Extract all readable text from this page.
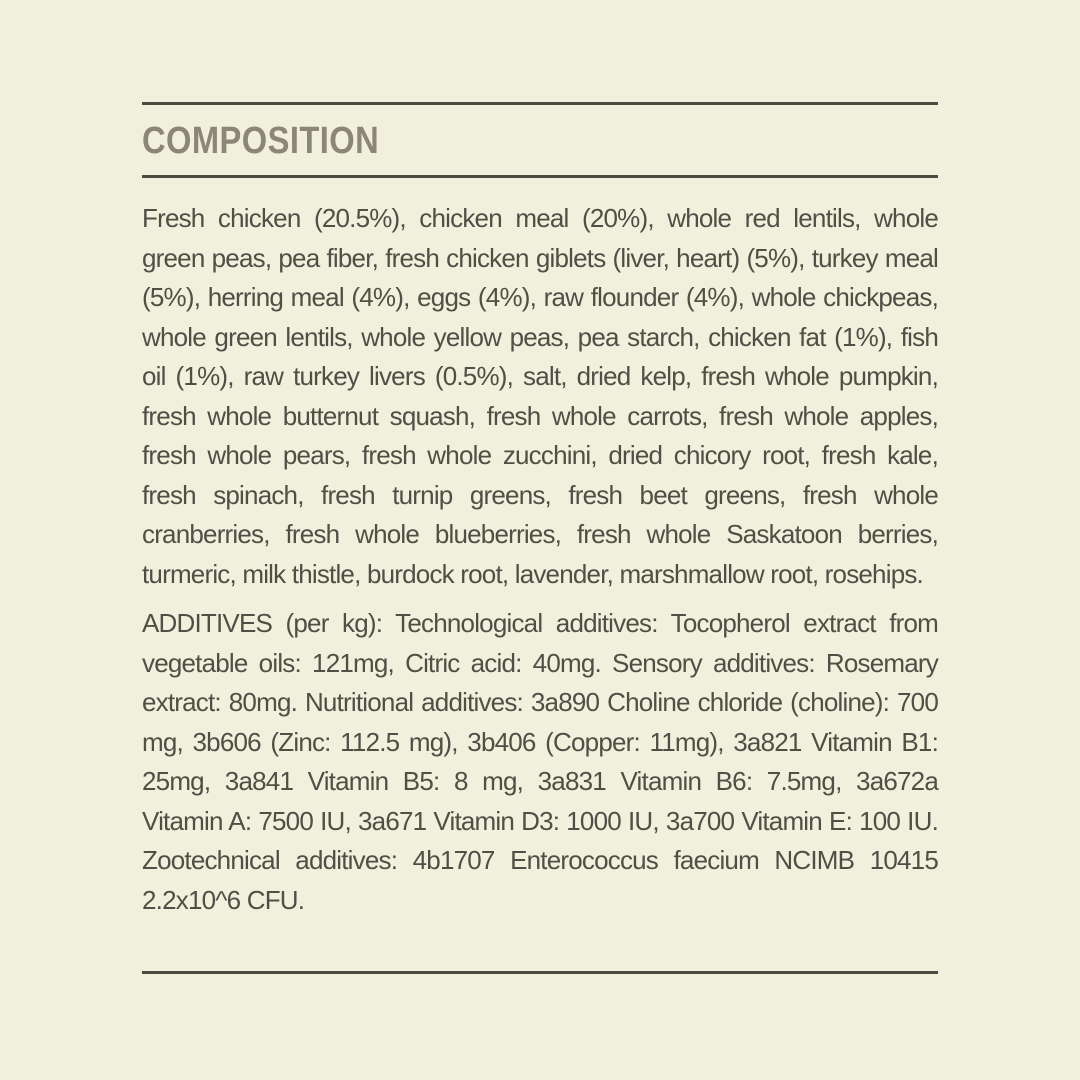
COMPOSITION

Fresh chicken (20.5%), chicken meal (20%), whole red lentils, whole green peas, pea fiber, fresh chicken giblets (liver, heart) (5%), turkey meal (5%), herring meal (4%), eggs (4%), raw flounder (4%), whole chickpeas, whole green lentils, whole yellow peas, pea starch, chicken fat (1%), fish oil (1%), raw turkey livers (0.5%), salt, dried kelp, fresh whole pumpkin, fresh whole butternut squash, fresh whole carrots, fresh whole apples, fresh whole pears, fresh whole zucchini, dried chicory root, fresh kale, fresh spinach, fresh turnip greens, fresh beet greens, fresh whole cranberries, fresh whole blueberries, fresh whole Saskatoon berries, turmeric, milk thistle, burdock root, lavender, marshmallow root, rosehips.

ADDITIVES (per kg): Technological additives: Tocopherol extract from vegetable oils: 121mg, Citric acid: 40mg. Sensory additives: Rosemary extract: 80mg. Nutritional additives: 3a890 Choline chloride (choline): 700 mg, 3b606 (Zinc: 112.5 mg), 3b406 (Copper: 11mg), 3a821 Vitamin B1: 25mg, 3a841 Vitamin B5: 8 mg, 3a831 Vitamin B6: 7.5mg, 3a672a Vitamin A: 7500 IU, 3a671 Vitamin D3: 1000 IU, 3a700 Vitamin E: 100 IU. Zootechnical additives: 4b1707 Enterococcus faecium NCIMB 10415 2.2x10^6 CFU.
